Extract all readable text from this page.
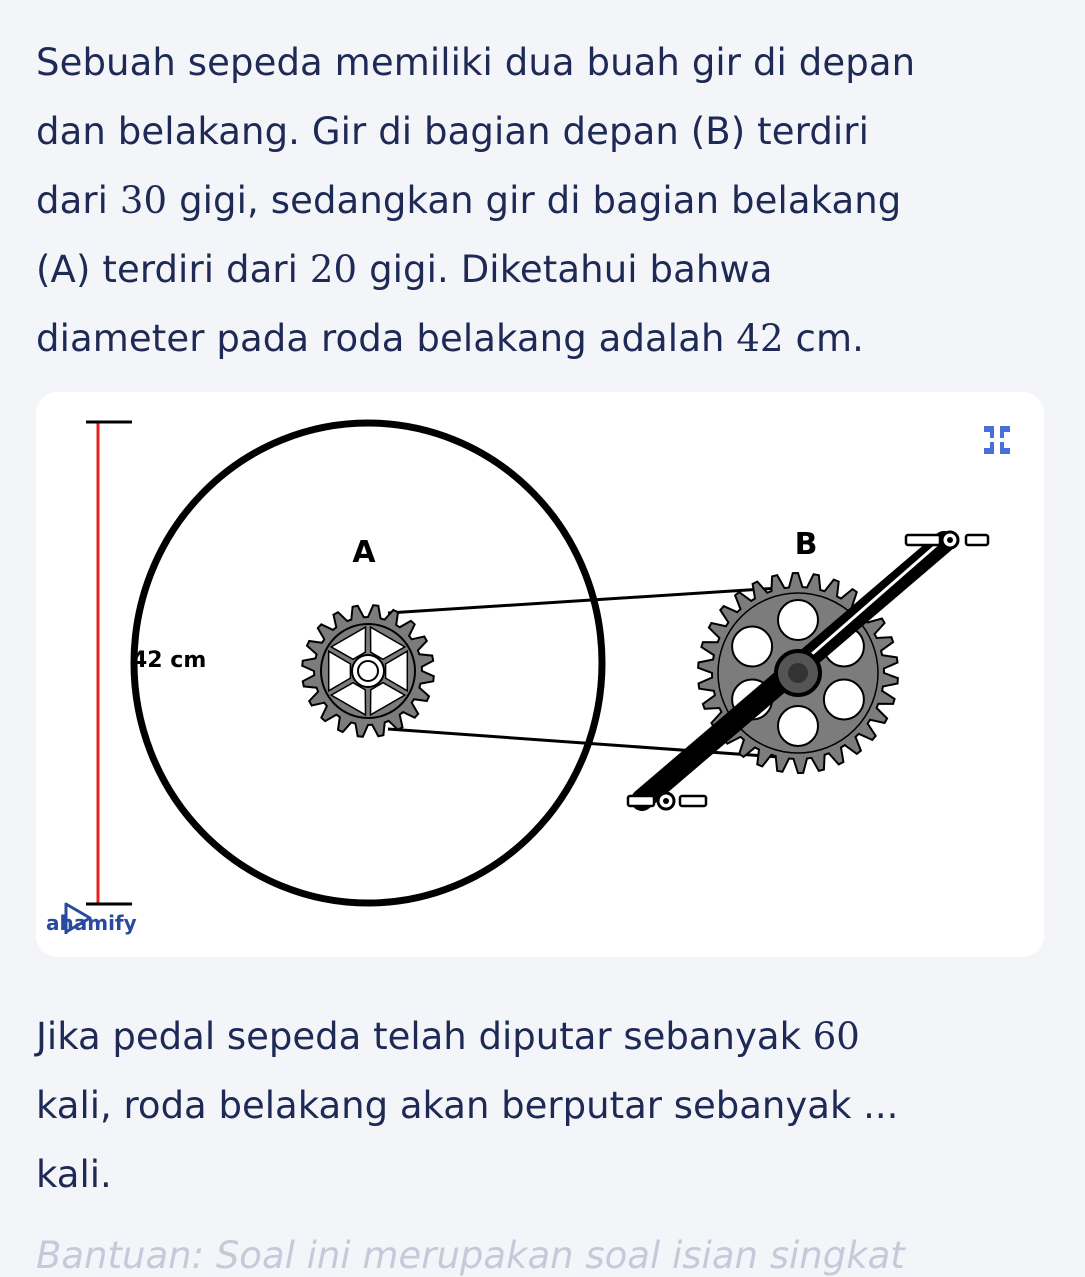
Sebuah sepeda memiliki dua buah gir di depan

dan belakang. Gir di bagian depan (B) terdiri

dari 30 gigi, sedangkan gir di bagian belakang

(A) terdiri dari 20 gigi. Diketahui bahwa

diameter pada roda belakang adalah 42 cm.

42 cm
A	B
ahamify

Jika pedal sepeda telah diputar sebanyak 60

kali, roda belakang akan berputar sebanyak ...

kali.

Bantuan: Soal ini merupakan soal isian singkat
